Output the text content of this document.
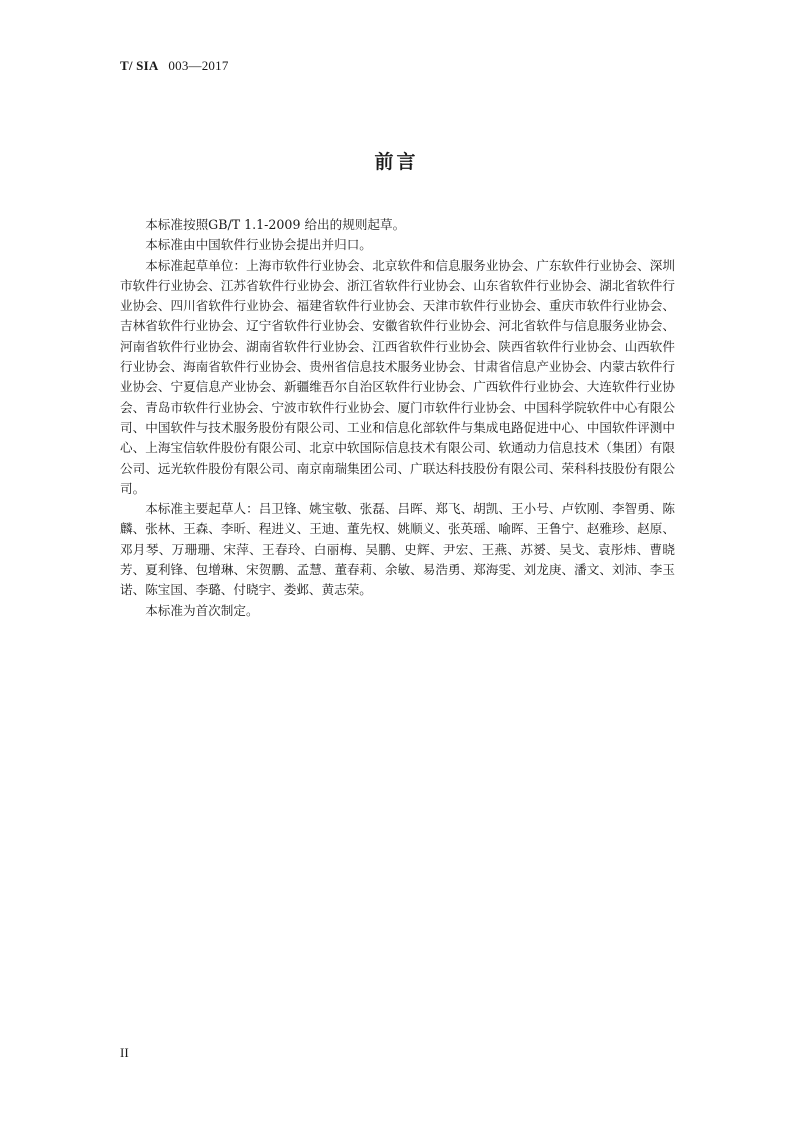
T/ SIA 003—2017
前言

本标准按照GB/T 1.1-2009 给出的规则起草。

本标准由中国软件行业协会提出并归口。

本标准起草单位：上海市软件行业协会、北京软件和信息服务业协会、广东软件行业协会、深圳市软件行业协会、江苏省软件行业协会、浙江省软件行业协会、山东省软件行业协会、湖北省软件行业协会、四川省软件行业协会、福建省软件行业协会、天津市软件行业协会、重庆市软件行业协会、吉林省软件行业协会、辽宁省软件行业协会、安徽省软件行业协会、河北省软件与信息服务业协会、河南省软件行业协会、湖南省软件行业协会、江西省软件行业协会、陕西省软件行业协会、山西软件行业协会、海南省软件行业协会、贵州省信息技术服务业协会、甘肃省信息产业协会、内蒙古软件行业协会、宁夏信息产业协会、新疆维吾尔自治区软件行业协会、广西软件行业协会、大连软件行业协会、青岛市软件行业协会、宁波市软件行业协会、厦门市软件行业协会、中国科学院软件中心有限公司、中国软件与技术服务股份有限公司、工业和信息化部软件与集成电路促进中心、中国软件评测中心、上海宝信软件股份有限公司、北京中软国际信息技术有限公司、软通动力信息技术（集团）有限公司、远光软件股份有限公司、南京南瑞集团公司、广联达科技股份有限公司、荣科科技股份有限公司。

本标准主要起草人：吕卫锋、姚宝敬、张磊、吕晖、郑飞、胡凯、王小号、卢钦刚、李智勇、陈麟、张林、王森、李昕、程进义、王迪、董先权、姚顺义、张英瑶、喻晖、王鲁宁、赵雅珍、赵原、邓月琴、万珊珊、宋萍、王春玲、白丽梅、吴鹏、史辉、尹宏、王燕、苏赟、吴戈、袁彤炜、曹晓芳、夏利锋、包增琳、宋贺鹏、孟慧、董春莉、余敏、易浩勇、郑海雯、刘龙庚、潘文、刘沛、李玉诺、陈宝国、李璐、付晓宇、娄邺、黄志荣。

本标准为首次制定。

II
